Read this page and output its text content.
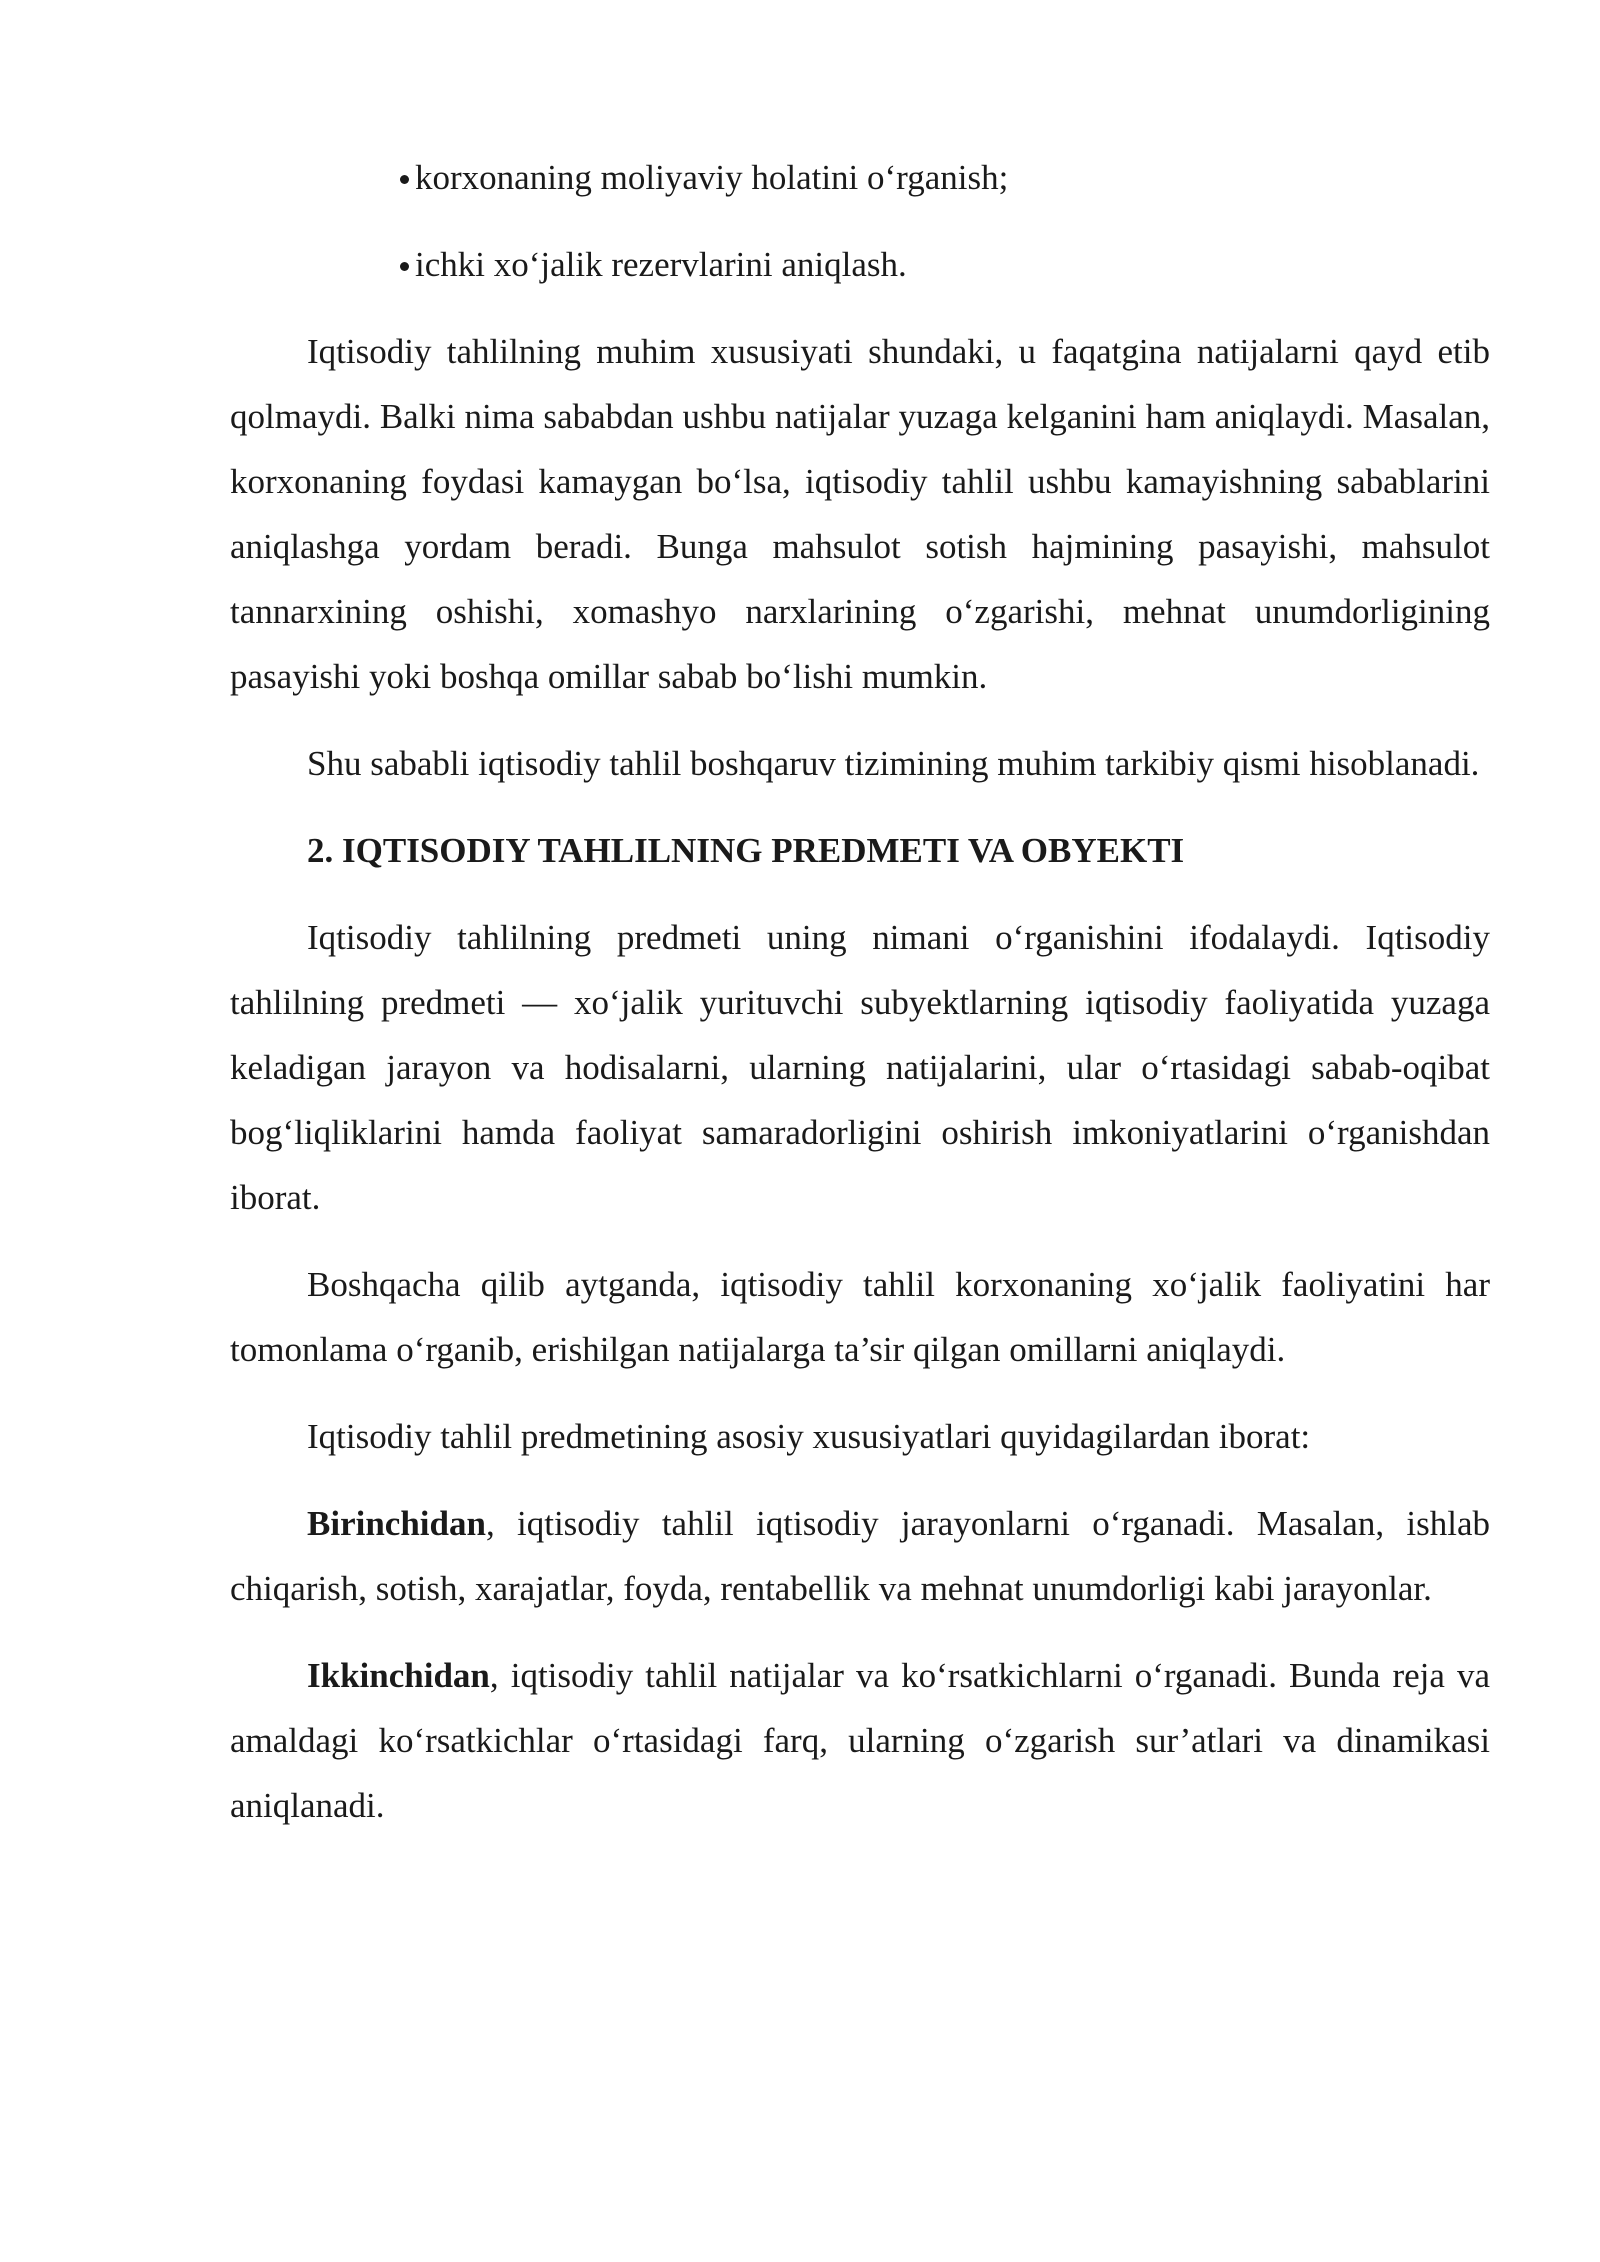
korxonaning moliyaviy holatini o‘rganish;
ichki xo‘jalik rezervlarini aniqlash.

Iqtisodiy tahlilning muhim xususiyati shundaki, u faqatgina natijalarni qayd etib qolmaydi. Balki nima sababdan ushbu natijalar yuzaga kelganini ham aniqlaydi. Masalan, korxonaning foydasi kamaygan bo‘lsa, iqtisodiy tahlil ushbu kamayishning sabablarini aniqlashga yordam beradi. Bunga mahsulot sotish hajmining pasayishi, mahsulot tannarxining oshishi, xomashyo narxlarining o‘zgarishi, mehnat unumdorligining pasayishi yoki boshqa omillar sabab bo‘lishi mumkin.

Shu sababli iqtisodiy tahlil boshqaruv tizimining muhim tarkibiy qismi hisoblanadi.

2. IQTISODIY TAHLILNING PREDMETI VA OBYEKTI

Iqtisodiy tahlilning predmeti uning nimani o‘rganishini ifodalaydi. Iqtisodiy tahlilning predmeti — xo‘jalik yurituvchi subyektlarning iqtisodiy faoliyatida yuzaga keladigan jarayon va hodisalarni, ularning natijalarini, ular o‘rtasidagi sabab-oqibat bog‘liqliklarini hamda faoliyat samaradorligini oshirish imkoniyatlarini o‘rganishdan iborat.

Boshqacha qilib aytganda, iqtisodiy tahlil korxonaning xo‘jalik faoliyatini har tomonlama o‘rganib, erishilgan natijalarga ta’sir qilgan omillarni aniqlaydi.

Iqtisodiy tahlil predmetining asosiy xususiyatlari quyidagilardan iborat:

Birinchidan, iqtisodiy tahlil iqtisodiy jarayonlarni o‘rganadi. Masalan, ishlab chiqarish, sotish, xarajatlar, foyda, rentabellik va mehnat unumdorligi kabi jarayonlar.

Ikkinchidan, iqtisodiy tahlil natijalar va ko‘rsatkichlarni o‘rganadi. Bunda reja va amaldagi ko‘rsatkichlar o‘rtasidagi farq, ularning o‘zgarish sur’atlari va dinamikasi aniqlanadi.
